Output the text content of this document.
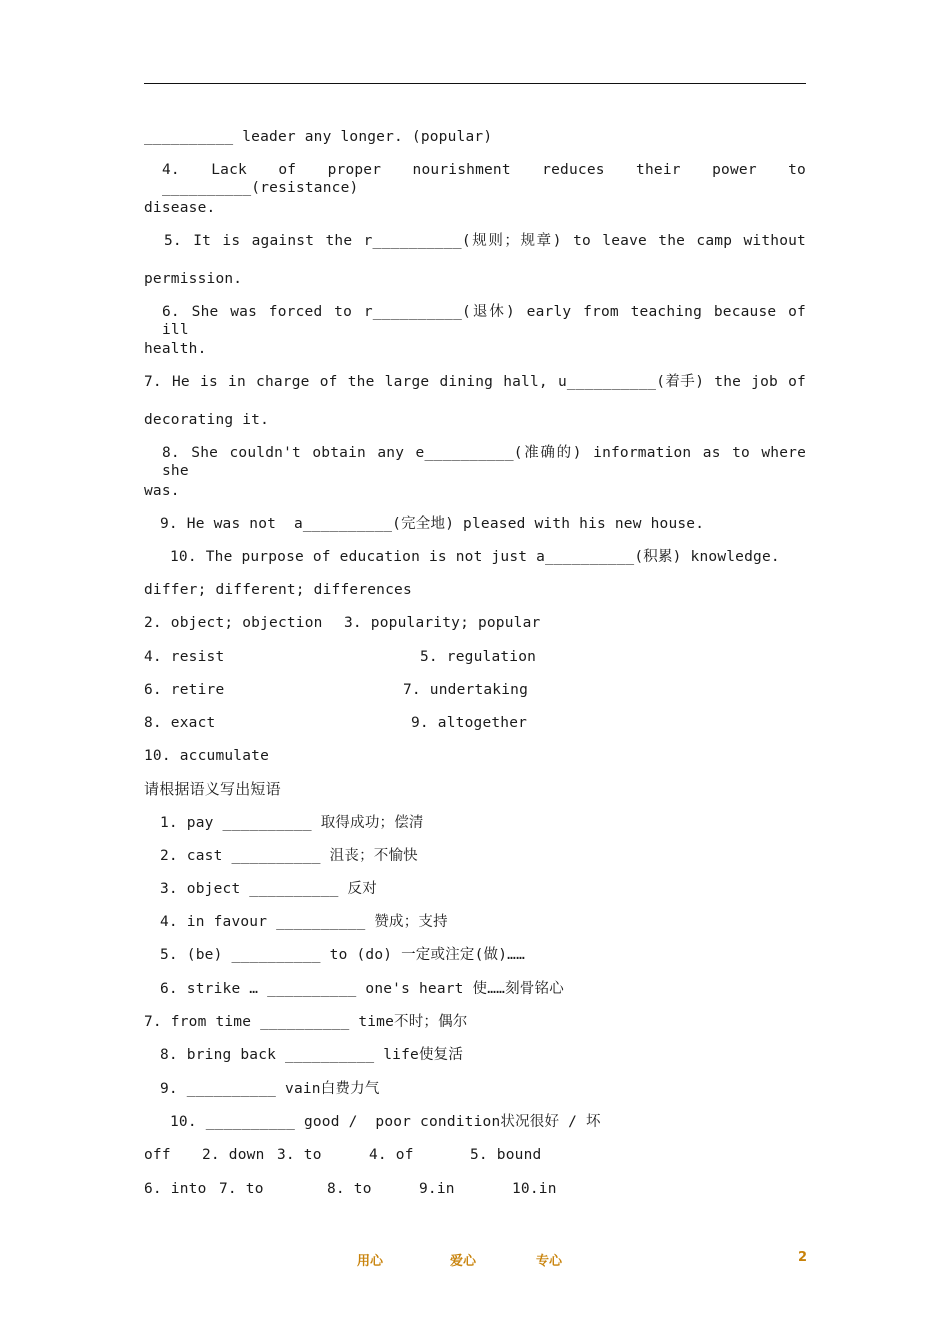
__________ leader any longer. (popular)
4. Lack of proper nourishment reduces their power to __________(resistance)
disease.
5. It is against the r__________(规则；规章) to leave the camp without
permission.
6. She was forced to r__________(退休) early from teaching because of ill
health.
7. He is in charge of the large dining hall, u__________(着手) the job of
decorating it.
8. She couldn't obtain any e__________(准确的) information as to where she
was.
9. He was not  a__________(完全地) pleased with his new house.
10. The purpose of education is not just a__________(积累) knowledge.
differ; different; differences
2. object; objection 3. popularity; popular
4. resist	5. regulation
6. retire	7. undertaking
8. exact	9. altogether
10. accumulate
请根据语义写出短语
1. pay __________ 取得成功；偿清
2. cast __________ 沮丧；不愉快
3. object __________ 反对
4. in favour __________ 赞成；支持
5. (be) __________ to (do) 一定或注定(做)……
6. strike … __________ one's heart 使……刻骨铭心
7. from time __________ time不时；偶尔
8. bring back __________ life使复活
9. __________ vain白费力气
10. __________ good /  poor condition状况很好 / 坏
off 2. down 3. to	4. of	5. bound
6. into 7. to	8. to	9.in	10.in
用心	爱心	专心	2
